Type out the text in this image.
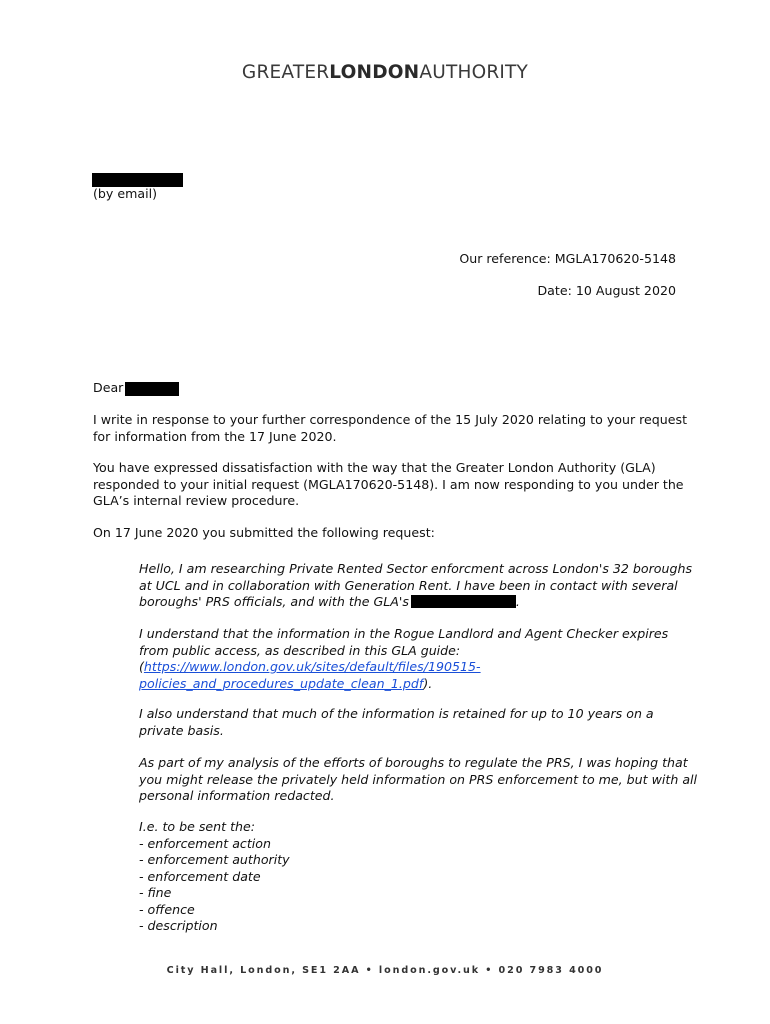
GREATERLONDONAUTHORITY
(by email)
Our reference: MGLA170620-5148
Date: 10 August 2020
Dear
I write in response to your further correspondence of the 15 July 2020 relating to your request
for information from the 17 June 2020.
You have expressed dissatisfaction with the way that the Greater London Authority (GLA)
responded to your initial request (MGLA170620-5148). I am now responding to you under the
GLA’s internal review procedure.
On 17 June 2020 you submitted the following request:
Hello, I am researching Private Rented Sector enforcment across London's 32 boroughs
at UCL and in collaboration with Generation Rent. I have been in contact with several
boroughs' PRS officials, and with the GLA's	.
I understand that the information in the Rogue Landlord and Agent Checker expires
from public access, as described in this GLA guide:
(https://www.london.gov.uk/sites/default/files/190515-
policies_and_procedures_update_clean_1.pdf).
I also understand that much of the information is retained for up to 10 years on a
private basis.
As part of my analysis of the efforts of boroughs to regulate the PRS, I was hoping that
you might release the privately held information on PRS enforcement to me, but with all
personal information redacted.
I.e. to be sent the:
- enforcement action
- enforcement authority
- enforcement date
- fine
- offence
- description
City Hall, London, SE1 2AA • london.gov.uk • 020 7983 4000
